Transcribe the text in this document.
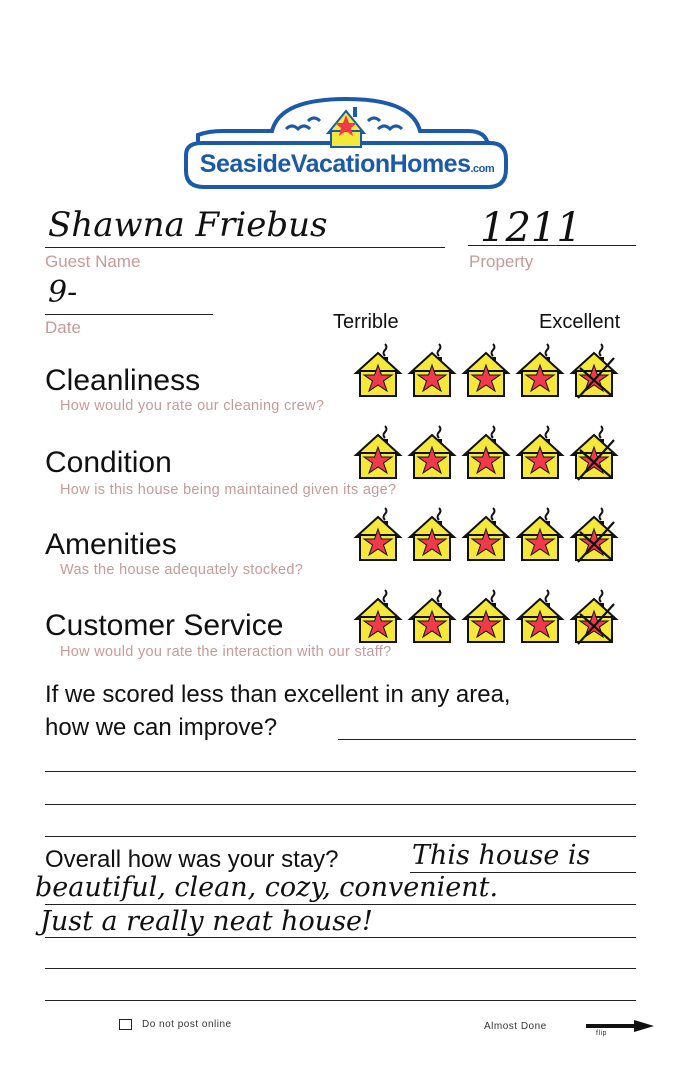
SeasideVacationHomes.com
Shawna Friebus
Guest Name
1211
Property
9-
Date	Terrible	Excellent
Cleanliness
How would you rate our cleaning crew?
Condition
How is this house being maintained given its age?
Amenities
Was the house adequately stocked?
Customer Service
How would you rate the interaction with our staff?
If we scored less than excellent in any area,
how we can improve?
Overall how was your stay?	This house is
beautiful, clean, cozy, convenient.
Just a really neat house!
Do not post online	Almost Done
flip
